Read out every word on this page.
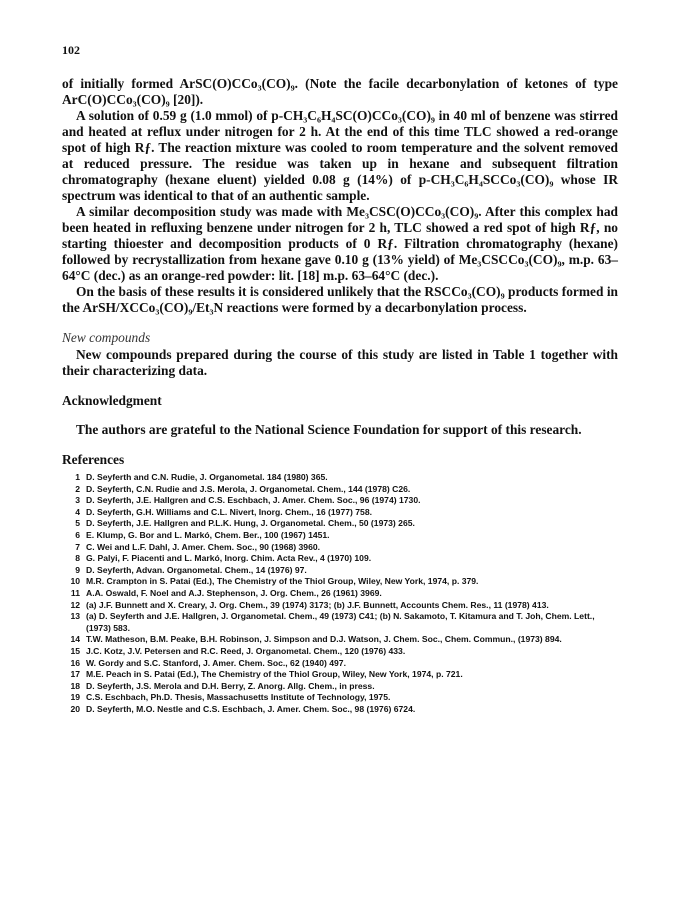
102

of initially formed ArSC(O)CCo₃(CO)₉. (Note the facile decarbonylation of ketones of type ArC(O)CCo₃(CO)₉ [20]).

A solution of 0.59 g (1.0 mmol) of p-CH₃C₆H₄SC(O)CCo₃(CO)₉ in 40 ml of benzene was stirred and heated at reflux under nitrogen for 2 h. At the end of this time TLC showed a red-orange spot of high Rƒ. The reaction mixture was cooled to room temperature and the solvent removed at reduced pressure. The residue was taken up in hexane and subsequent filtration chromatography (hexane eluent) yielded 0.08 g (14%) of p-CH₃C₆H₄SCCo₃(CO)₉ whose IR spectrum was identical to that of an authentic sample.

A similar decomposition study was made with Me₃CSC(O)CCo₃(CO)₉. After this complex had been heated in refluxing benzene under nitrogen for 2 h, TLC showed a red spot of high Rƒ, no starting thioester and decomposition products of 0 Rƒ. Filtration chromatography (hexane) followed by recrystallization from hexane gave 0.10 g (13% yield) of Me₃CSCCo₃(CO)₉, m.p. 63–64°C (dec.) as an orange-red powder: lit. [18] m.p. 63–64°C (dec.).

On the basis of these results it is considered unlikely that the RSCCo₃(CO)₉ products formed in the ArSH/XCCo₃(CO)₉/Et₃N reactions were formed by a decarbonylation process.

New compounds

New compounds prepared during the course of this study are listed in Table 1 together with their characterizing data.

Acknowledgment

The authors are grateful to the National Science Foundation for support of this research.

References
1 D. Seyferth and C.N. Rudie, J. Organometal. 184 (1980) 365.
2 D. Seyferth, C.N. Rudie and J.S. Merola, J. Organometal. Chem., 144 (1978) C26.
3 D. Seyferth, J.E. Hallgren and C.S. Eschbach, J. Amer. Chem. Soc., 96 (1974) 1730.
4 D. Seyferth, G.H. Williams and C.L. Nivert, Inorg. Chem., 16 (1977) 758.
5 D. Seyferth, J.E. Hallgren and P.L.K. Hung, J. Organometal. Chem., 50 (1973) 265.
6 E. Klump, G. Bor and L. Markó, Chem. Ber., 100 (1967) 1451.
7 C. Wei and L.F. Dahl, J. Amer. Chem. Soc., 90 (1968) 3960.
8 G. Palyi, F. Piacenti and L. Markó, Inorg. Chim. Acta Rev., 4 (1970) 109.
9 D. Seyferth, Advan. Organometal. Chem., 14 (1976) 97.
10 M.R. Crampton in S. Patai (Ed.), The Chemistry of the Thiol Group, Wiley, New York, 1974, p. 379.
11 A.A. Oswald, F. Noel and A.J. Stephenson, J. Org. Chem., 26 (1961) 3969.
12 (a) J.F. Bunnett and X. Creary, J. Org. Chem., 39 (1974) 3173; (b) J.F. Bunnett, Accounts Chem. Res., 11 (1978) 413.
13 (a) D. Seyferth and J.E. Hallgren, J. Organometal. Chem., 49 (1973) C41; (b) N. Sakamoto, T. Kitamura and T. Joh, Chem. Lett., (1973) 583.
14 T.W. Matheson, B.M. Peake, B.H. Robinson, J. Simpson and D.J. Watson, J. Chem. Soc., Chem. Commun., (1973) 894.
15 J.C. Kotz, J.V. Petersen and R.C. Reed, J. Organometal. Chem., 120 (1976) 433.
16 W. Gordy and S.C. Stanford, J. Amer. Chem. Soc., 62 (1940) 497.
17 M.E. Peach in S. Patai (Ed.), The Chemistry of the Thiol Group, Wiley, New York, 1974, p. 721.
18 D. Seyferth, J.S. Merola and D.H. Berry, Z. Anorg. Allg. Chem., in press.
19 C.S. Eschbach, Ph.D. Thesis, Massachusetts Institute of Technology, 1975.
20 D. Seyferth, M.O. Nestle and C.S. Eschbach, J. Amer. Chem. Soc., 98 (1976) 6724.
